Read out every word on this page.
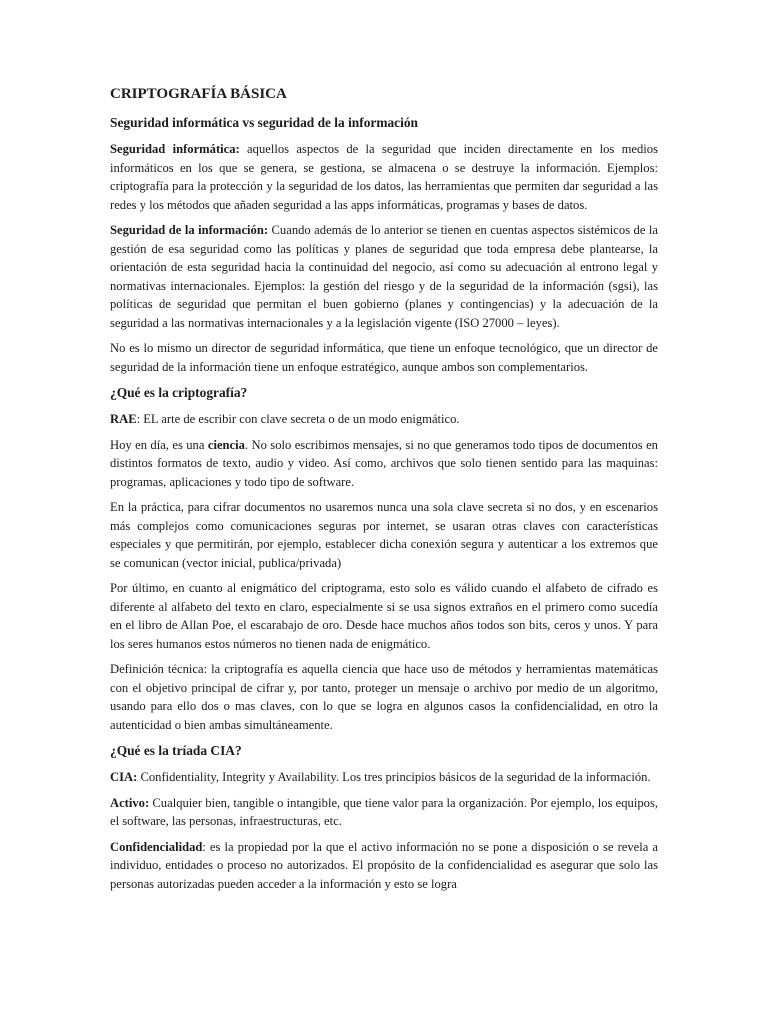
CRIPTOGRAFÍA BÁSICA
Seguridad informática vs seguridad de la información

Seguridad informática: aquellos aspectos de la seguridad que inciden directamente en los medios informáticos en los que se genera, se gestiona, se almacena o se destruye la información. Ejemplos: criptografía para la protección y la seguridad de los datos, las herramientas que permiten dar seguridad a las redes y los métodos que añaden seguridad a las apps informáticas, programas y bases de datos.

Seguridad de la información: Cuando además de lo anterior se tienen en cuentas aspectos sistémicos de la gestión de esa seguridad como las políticas y planes de seguridad que toda empresa debe plantearse, la orientación de esta seguridad hacia la continuidad del negocio, así como su adecuación al entrono legal y normativas internacionales. Ejemplos: la gestión del riesgo y de la seguridad de la información (sgsi), las políticas de seguridad que permitan el buen gobierno (planes y contingencias) y la adecuación de la seguridad a las normativas internacionales y a la legislación vigente (ISO 27000 – leyes).

No es lo mismo un director de seguridad informática, que tiene un enfoque tecnológico, que un director de seguridad de la información tiene un enfoque estratégico, aunque ambos son complementarios.

¿Qué es la criptografía?

RAE: EL arte de escribir con clave secreta o de un modo enigmático.

Hoy en día, es una ciencia. No solo escribimos mensajes, si no que generamos todo tipos de documentos en distintos formatos de texto, audio y video. Así como, archivos que solo tienen sentido para las maquinas: programas, aplicaciones y todo tipo de software.

En la práctica, para cifrar documentos no usaremos nunca una sola clave secreta si no dos, y en escenarios más complejos como comunicaciones seguras por internet, se usaran otras claves con características especiales y que permitirán, por ejemplo, establecer dicha conexión segura y autenticar a los extremos que se comunican (vector inicial, publica/privada)

Por último, en cuanto al enigmático del criptograma, esto solo es válido cuando el alfabeto de cifrado es diferente al alfabeto del texto en claro, especialmente si se usa signos extraños en el primero como sucedía en el libro de Allan Poe, el escarabajo de oro. Desde hace muchos años todos son bits, ceros y unos. Y para los seres humanos estos números no tienen nada de enigmático.

Definición técnica: la criptografía es aquella ciencia que hace uso de métodos y herramientas matemáticas con el objetivo principal de cifrar y, por tanto, proteger un mensaje o archivo por medio de un algoritmo, usando para ello dos o mas claves, con lo que se logra en algunos casos la confidencialidad, en otro la autenticidad o bien ambas simultáneamente.

¿Qué es la tríada CIA?

CIA: Confidentiality, Integrity y Availability. Los tres principios básicos de la seguridad de la información.

Activo: Cualquier bien, tangible o intangible, que tiene valor para la organización. Por ejemplo, los equipos, el software, las personas, infraestructuras, etc.

Confidencialidad: es la propiedad por la que el activo información no se pone a disposición o se revela a individuo, entidades o proceso no autorizados. El propósito de la confidencialidad es asegurar que solo las personas autorizadas pueden acceder a la información y esto se logra
